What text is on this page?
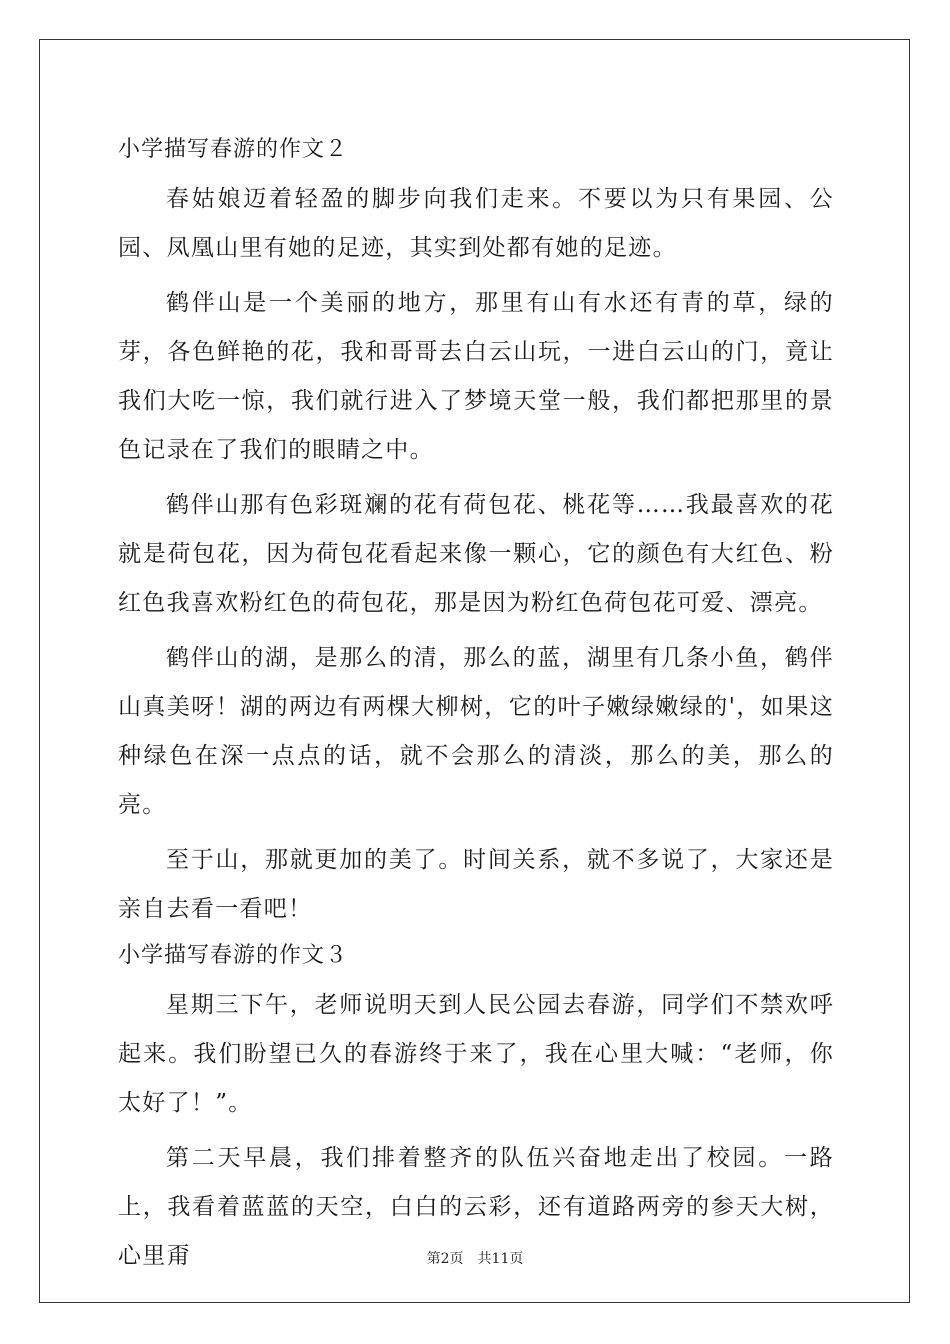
小学描写春游的作文２

春姑娘迈着轻盈的脚步向我们走来。不要以为只有果园、公园、凤凰山里有她的足迹，其实到处都有她的足迹。

鹤伴山是一个美丽的地方，那里有山有水还有青的草，绿的芽，各色鲜艳的花，我和哥哥去白云山玩，一进白云山的门，竟让我们大吃一惊，我们就行进入了梦境天堂一般，我们都把那里的景色记录在了我们的眼睛之中。

鹤伴山那有色彩斑斓的花有荷包花、桃花等……我最喜欢的花就是荷包花，因为荷包花看起来像一颗心，它的颜色有大红色、粉红色我喜欢粉红色的荷包花，那是因为粉红色荷包花可爱、漂亮。

鹤伴山的湖，是那么的清，那么的蓝，湖里有几条小鱼，鹤伴山真美呀！湖的两边有两棵大柳树，它的叶子嫩绿嫩绿的'，如果这种绿色在深一点点的话，就不会那么的清淡，那么的美，那么的亮。

至于山，那就更加的美了。时间关系，就不多说了，大家还是亲自去看一看吧！

小学描写春游的作文３

星期三下午，老师说明天到人民公园去春游，同学们不禁欢呼起来。我们盼望已久的春游终于来了，我在心里大喊：“老师，你太好了！”。

第二天早晨，我们排着整齐的队伍兴奋地走出了校园。一路上，我看着蓝蓝的天空，白白的云彩，还有道路两旁的参天大树，心里甭	第2页 共11页
